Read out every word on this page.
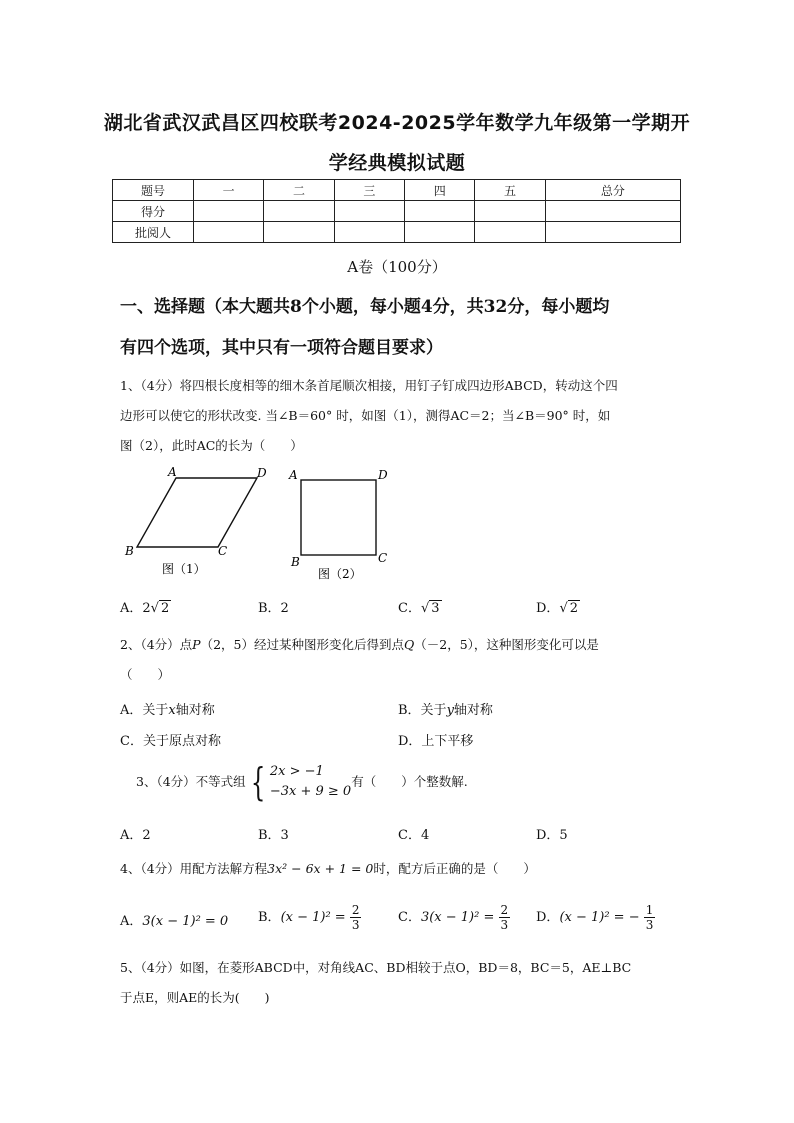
湖北省武汉武昌区四校联考2024-2025学年数学九年级第一学期开
学经典模拟试题
题号	一	二	三	四	五	总分
得分						
批阅人						
A卷（100分）
一、选择题（本大题共8个小题，每小题4分，共32分，每小题均
有四个选项，其中只有一项符合题目要求）
1、（4分）将四根长度相等的细木条首尾顺次相接，用钉子钉成四边形ABCD，转动这个四
边形可以使它的形状改变. 当∠B＝60° 时，如图（1），测得AC＝2；当∠B＝90° 时，如
图（2），此时AC的长为（　　）
A	D
B	C
图（1）
A	D
B	C
图（2）
A．2√ 2	B．2	C．√ 3	D．√ 2
2、（4分）点P（2，5）经过某种图形变化后得到点Q（－2，5），这种图形变化可以是
（　　）
A．关于x轴对称	B．关于y轴对称
C．关于原点对称	D．上下平移
3、（4分）不等式组 { 2x > −1
−3x + 9 ≥ 0
有（　　）个整数解.
A．2	B．3	C．4	D．5
4、（4分）用配方法解方程3x² − 6x + 1 = 0时，配方后正确的是（　　）
A．3(x − 1)² = 0 B．$(x - 1)^2 = \frac{2}{3}$	C．$3(x - 1)^2 = \frac{2}{3}$ D．(x − 1)² = − $\frac{1}{3}$
5、（4分）如图，在菱形ABCD中，对角线AC、BD相较于点O，BD＝8，BC＝5，AE⊥BC
于点E，则AE的长为(　　)
